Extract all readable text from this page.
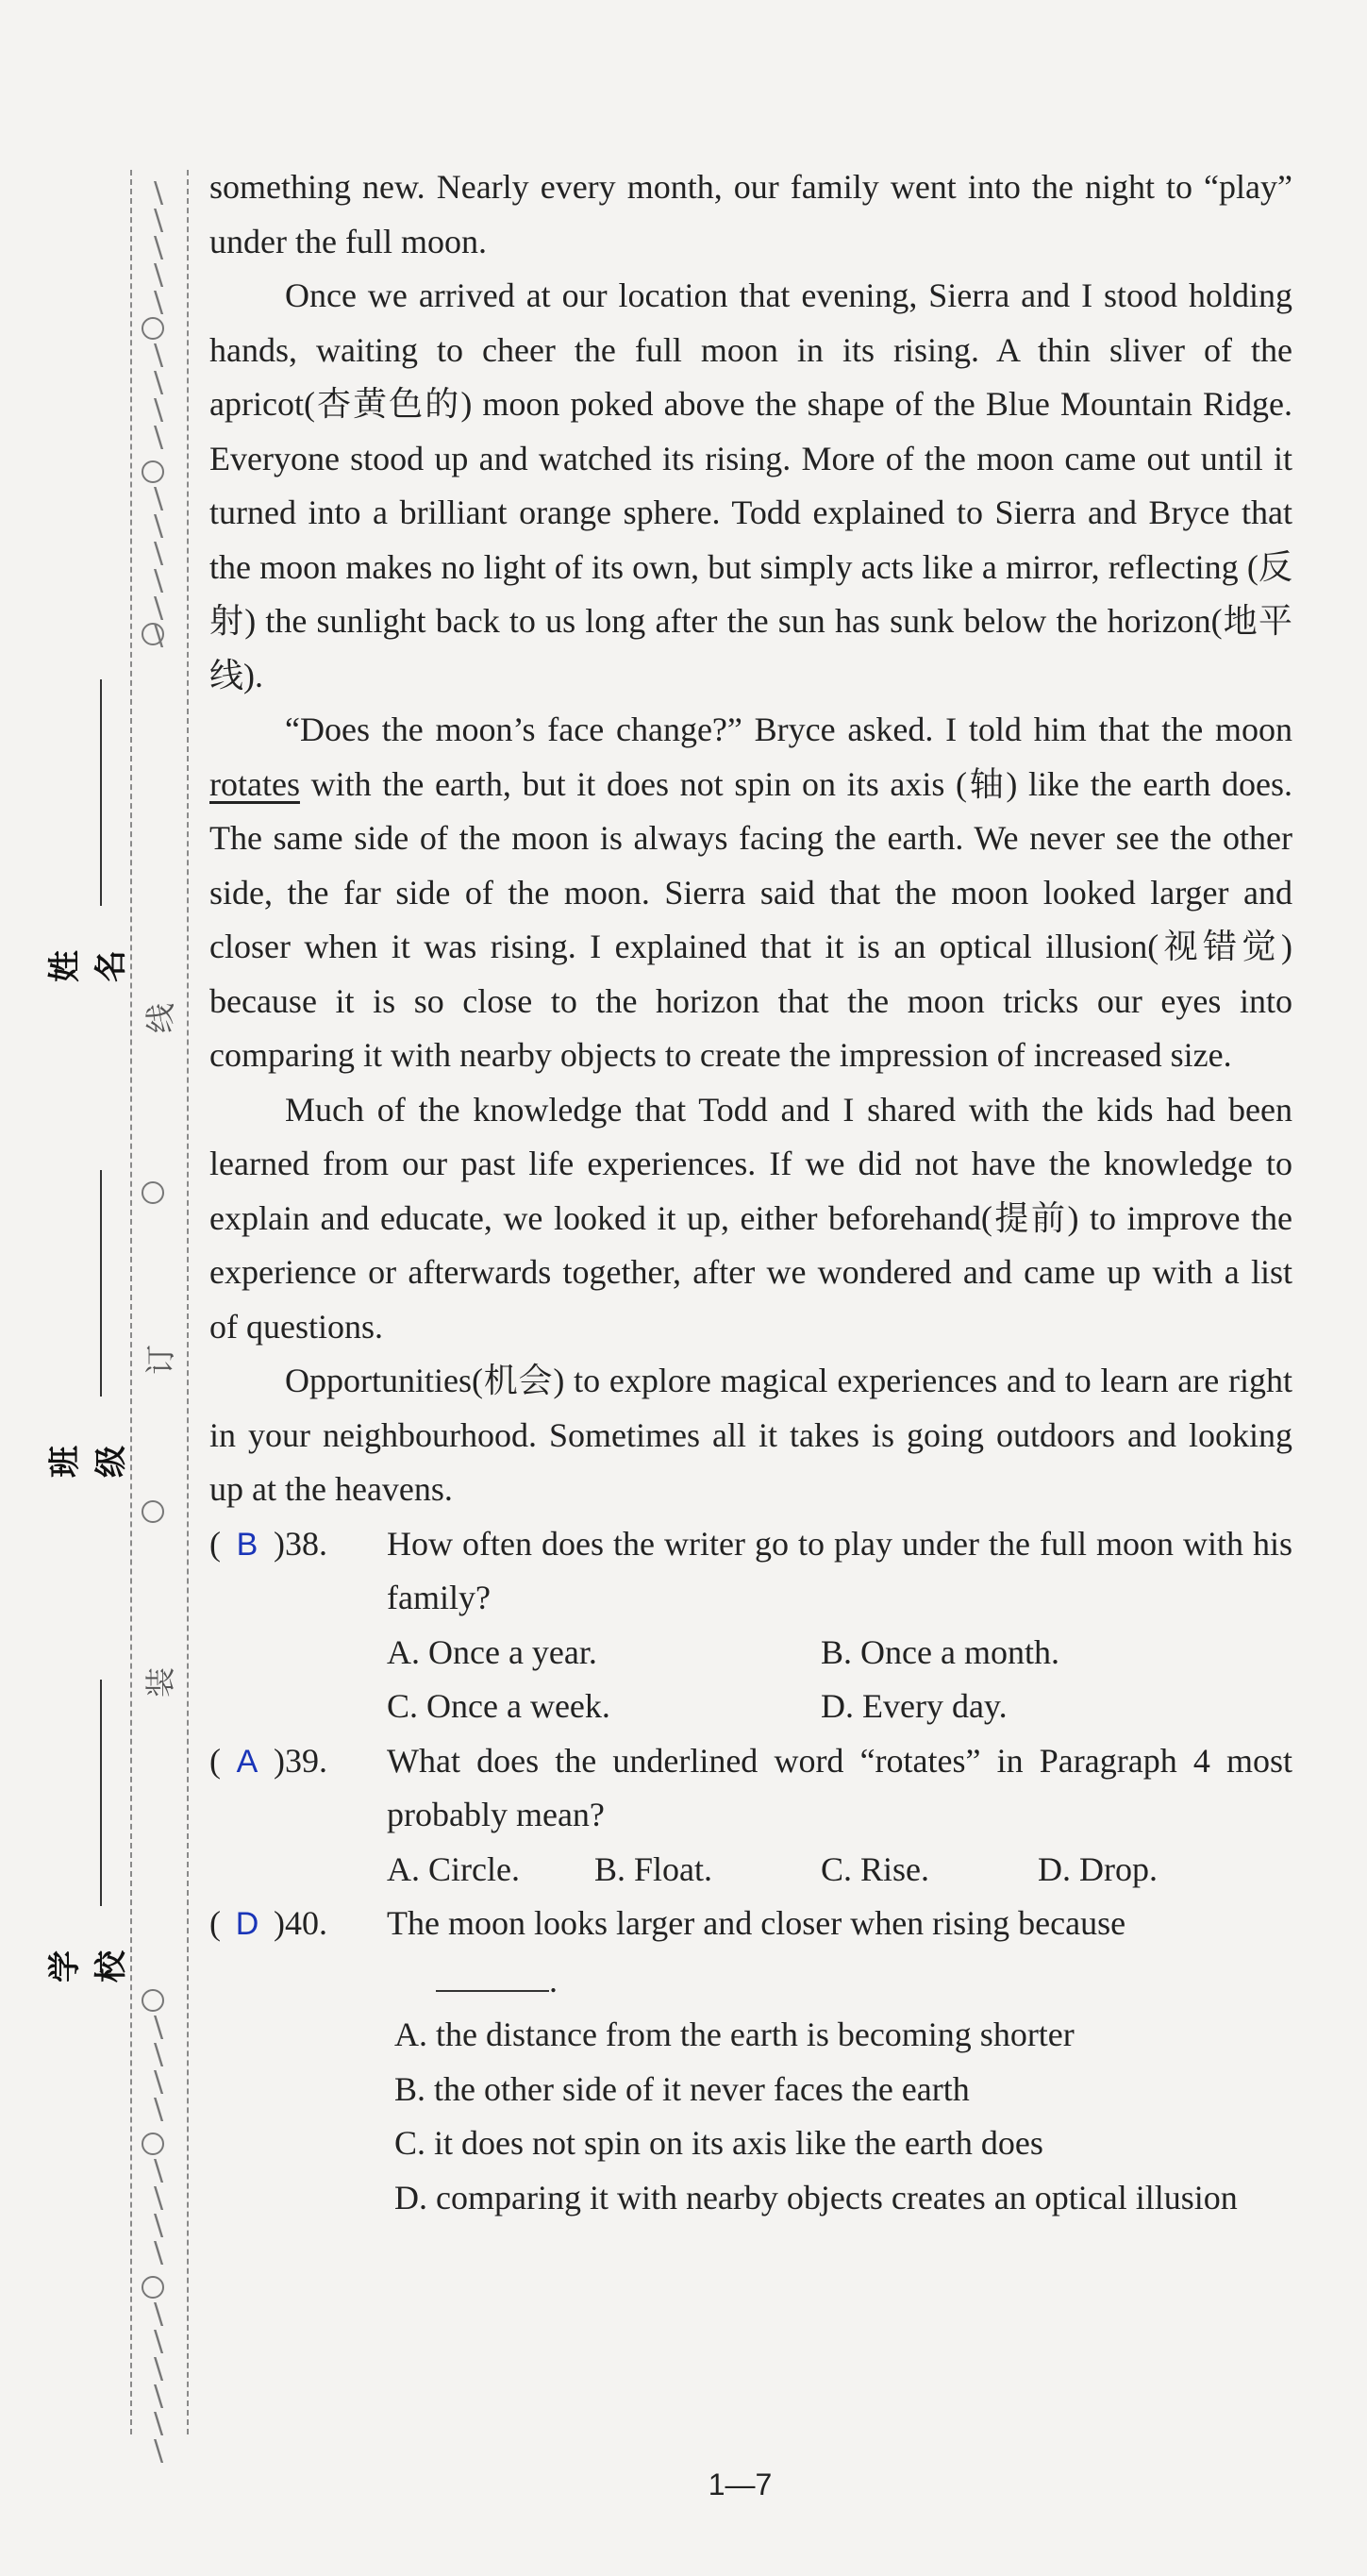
\
\
\
\
\
\
\
\
\
\
\
\
\
\
\
线
订
装
\
\
\
\
\
\
\
\
\
\
\
\
\
\
姓名
班级
学校

something new. Nearly every month, our family went into the night to “play” under the full moon.

Once we arrived at our location that evening, Sierra and I stood holding hands, waiting to cheer the full moon in its rising. A thin sliver of the apricot(杏黄色的) moon poked above the shape of the Blue Mountain Ridge. Everyone stood up and watched its rising. More of the moon came out until it turned into a brilliant orange sphere. Todd explained to Sierra and Bryce that the moon makes no light of its own, but simply acts like a mirror, reflecting (反射) the sunlight back to us long after the sun has sunk below the horizon(地平线).

“Does the moon’s face change?” Bryce asked. I told him that the moon rotates with the earth, but it does not spin on its axis (轴) like the earth does. The same side of the moon is always facing the earth. We never see the other side, the far side of the moon. Sierra said that the moon looked larger and closer when it was rising. I explained that it is an optical illusion(视错觉) because it is so close to the horizon that the moon tricks our eyes into comparing it with nearby objects to create the impression of increased size.

Much of the knowledge that Todd and I shared with the kids had been learned from our past life experiences. If we did not have the knowledge to explain and educate, we looked it up, either beforehand(提前) to improve the experience or afterwards together, after we wondered and came up with a list of questions.

Opportunities(机会) to explore magical experiences and to learn are right in your neighbourhood. Sometimes all it takes is going outdoors and looking up at the heavens.

( B )38.	How often does the writer go to play under the full moon with his family?
A. Once a year.	B. Once a month.
C. Once a week.	D. Every day.
( A )39.	What does the underlined word “rotates” in Paragraph 4 most probably mean?
A. Circle.	B. Float.	C. Rise.	D. Drop.
( D )40.	The moon looks larger and closer when rising because
.
A. the distance from the earth is becoming shorter
B. the other side of it never faces the earth
C. it does not spin on its axis like the earth does
D. comparing it with nearby objects creates an optical illusion
1—7
